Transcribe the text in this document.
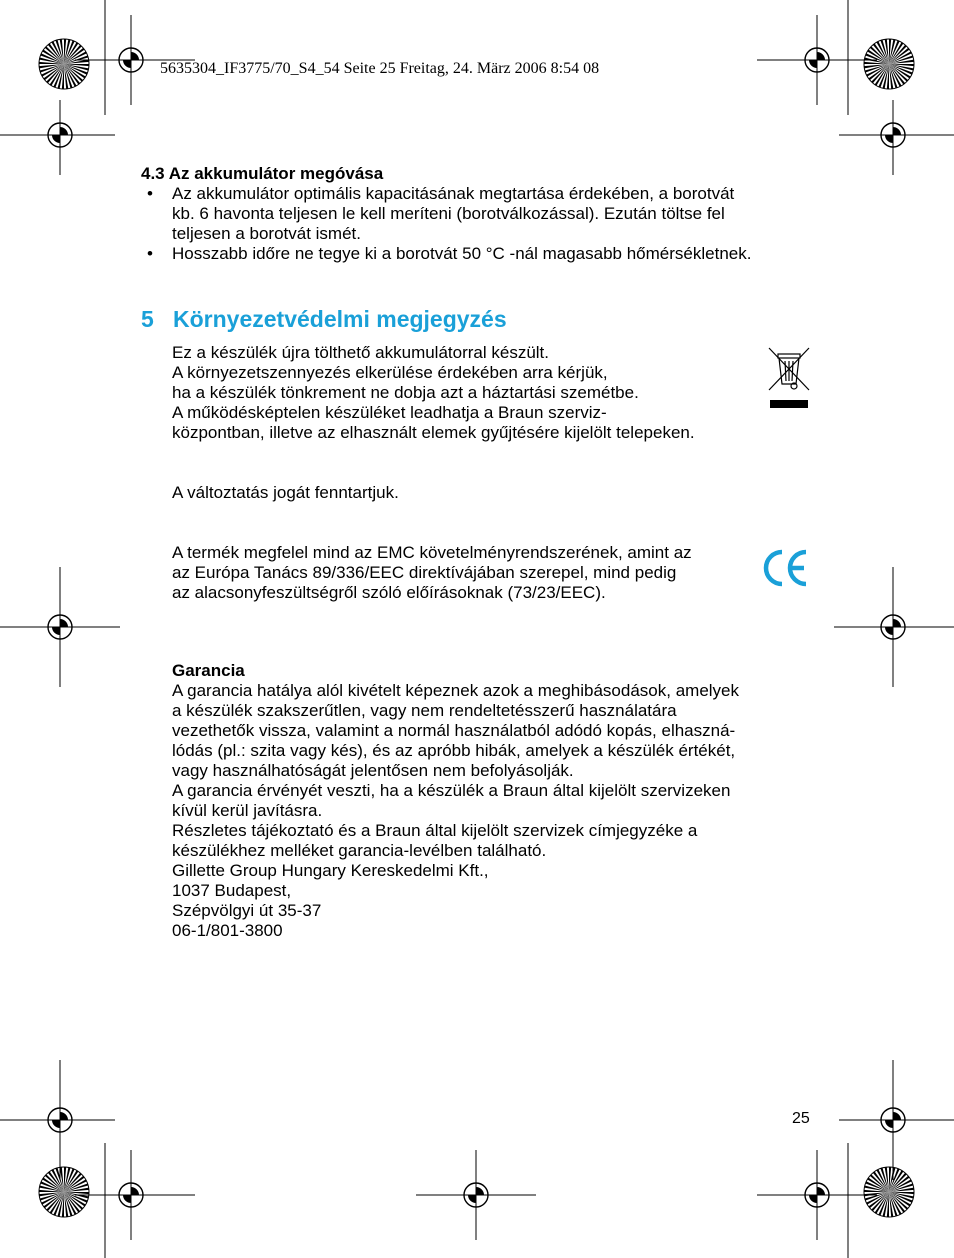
5635304_IF3775/70_S4_54 Seite 25 Freitag, 24. März 2006 8:54 08
4.3 Az akkumulátor megóvása
• Az akkumulátor optimális kapacitásának megtartása érdekében, a borotvát
kb. 6 havonta teljesen le kell meríteni (borotválkozással). Ezután töltse fel
teljesen a borotvát ismét.
• Hosszabb időre ne tegye ki a borotvát 50 °C -nál magasabb hőmérsékletnek.
5 Környezetvédelmi megjegyzés
Ez a készülék újra tölthető akkumulátorral készült.
A környezetszennyezés elkerülése érdekében arra kérjük,
ha a készülék tönkrement ne dobja azt a háztartási szemétbe.
A működésképtelen készüléket leadhatja a Braun szerviz-
központban, illetve az elhasznált elemek gyűjtésére kijelölt telepeken.
A változtatás jogát fenntartjuk.
A termék megfelel mind az EMC követelményrendszerének, amint az
az Európa Tanács 89/336/EEC direktívájában szerepel, mind pedig
az alacsonyfeszültségről szóló előírásoknak (73/23/EEC).
Garancia
A garancia hatálya alól kivételt képeznek azok a meghibásodások, amelyek
a készülék szakszerűtlen, vagy nem rendeltetésszerű használatára
vezethetők vissza, valamint a normál használatból adódó kopás, elhaszná-
lódás (pl.: szita vagy kés), és az apróbb hibák, amelyek a készülék értékét,
vagy használhatóságát jelentősen nem befolyásolják.
A garancia érvényét veszti, ha a készülék a Braun által kijelölt szervizeken
kívül kerül javításra.
Részletes tájékoztató és a Braun által kijelölt szervizek címjegyzéke a
készülékhez melléket garancia-levélben található.
Gillette Group Hungary Kereskedelmi Kft.,
1037 Budapest,
Szépvölgyi út 35-37
06-1/801-3800
25
